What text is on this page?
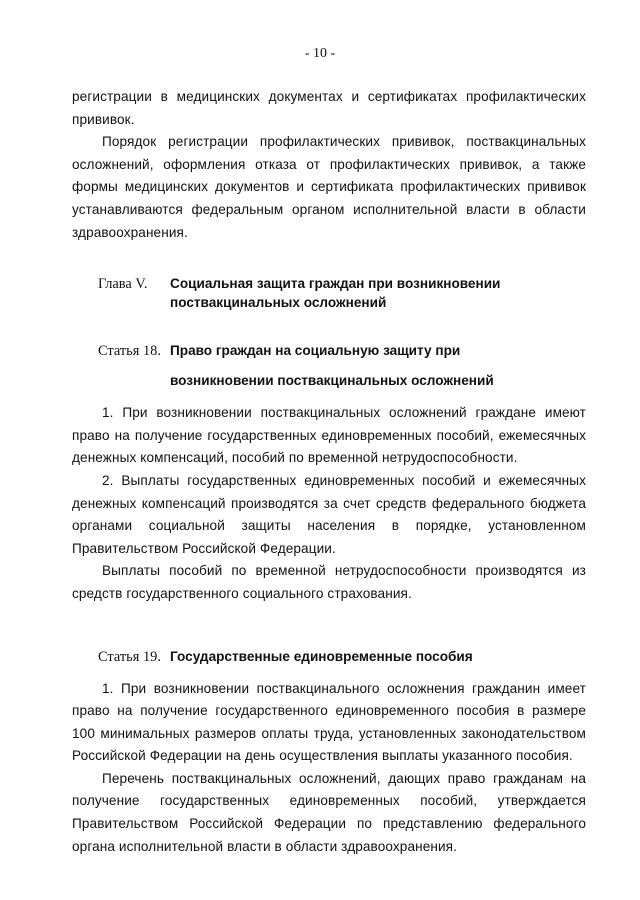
- 10 -

регистрации в медицинских документах и сертификатах профилактических прививок.

Порядок регистрации профилактических прививок, поствакцинальных осложнений, оформления отказа от профилактических прививок, а также формы медицинских документов и сертификата профилактических прививок устанавливаются федеральным органом исполнительной власти в области здравоохранения.

Глава V.	Социальная защита граждан при возникновении
поствакцинальных осложнений
Статья 18. Право граждан на социальную защиту при
возникновении поствакцинальных осложнений

1. При возникновении поствакцинальных осложнений граждане имеют право на получение государственных единовременных пособий, ежемесячных денежных компенсаций, пособий по временной нетрудоспособности.

2. Выплаты государственных единовременных пособий и ежемесячных денежных компенсаций производятся за счет средств федерального бюджета органами социальной защиты населения в порядке, установленном Правительством Российской Федерации.

Выплаты пособий по временной нетрудоспособности производятся из средств государственного социального страхования.

Статья 19. Государственные единовременные пособия

1. При возникновении поствакцинального осложнения гражданин имеет право на получение государственного единовременного пособия в размере 100 минимальных размеров оплаты труда, установленных законодательством Российской Федерации на день осуществления выплаты указанного пособия.

Перечень поствакцинальных осложнений, дающих право гражданам на получение государственных единовременных пособий, утверждается Правительством Российской Федерации по представлению федерального органа исполнительной власти в области здравоохранения.
